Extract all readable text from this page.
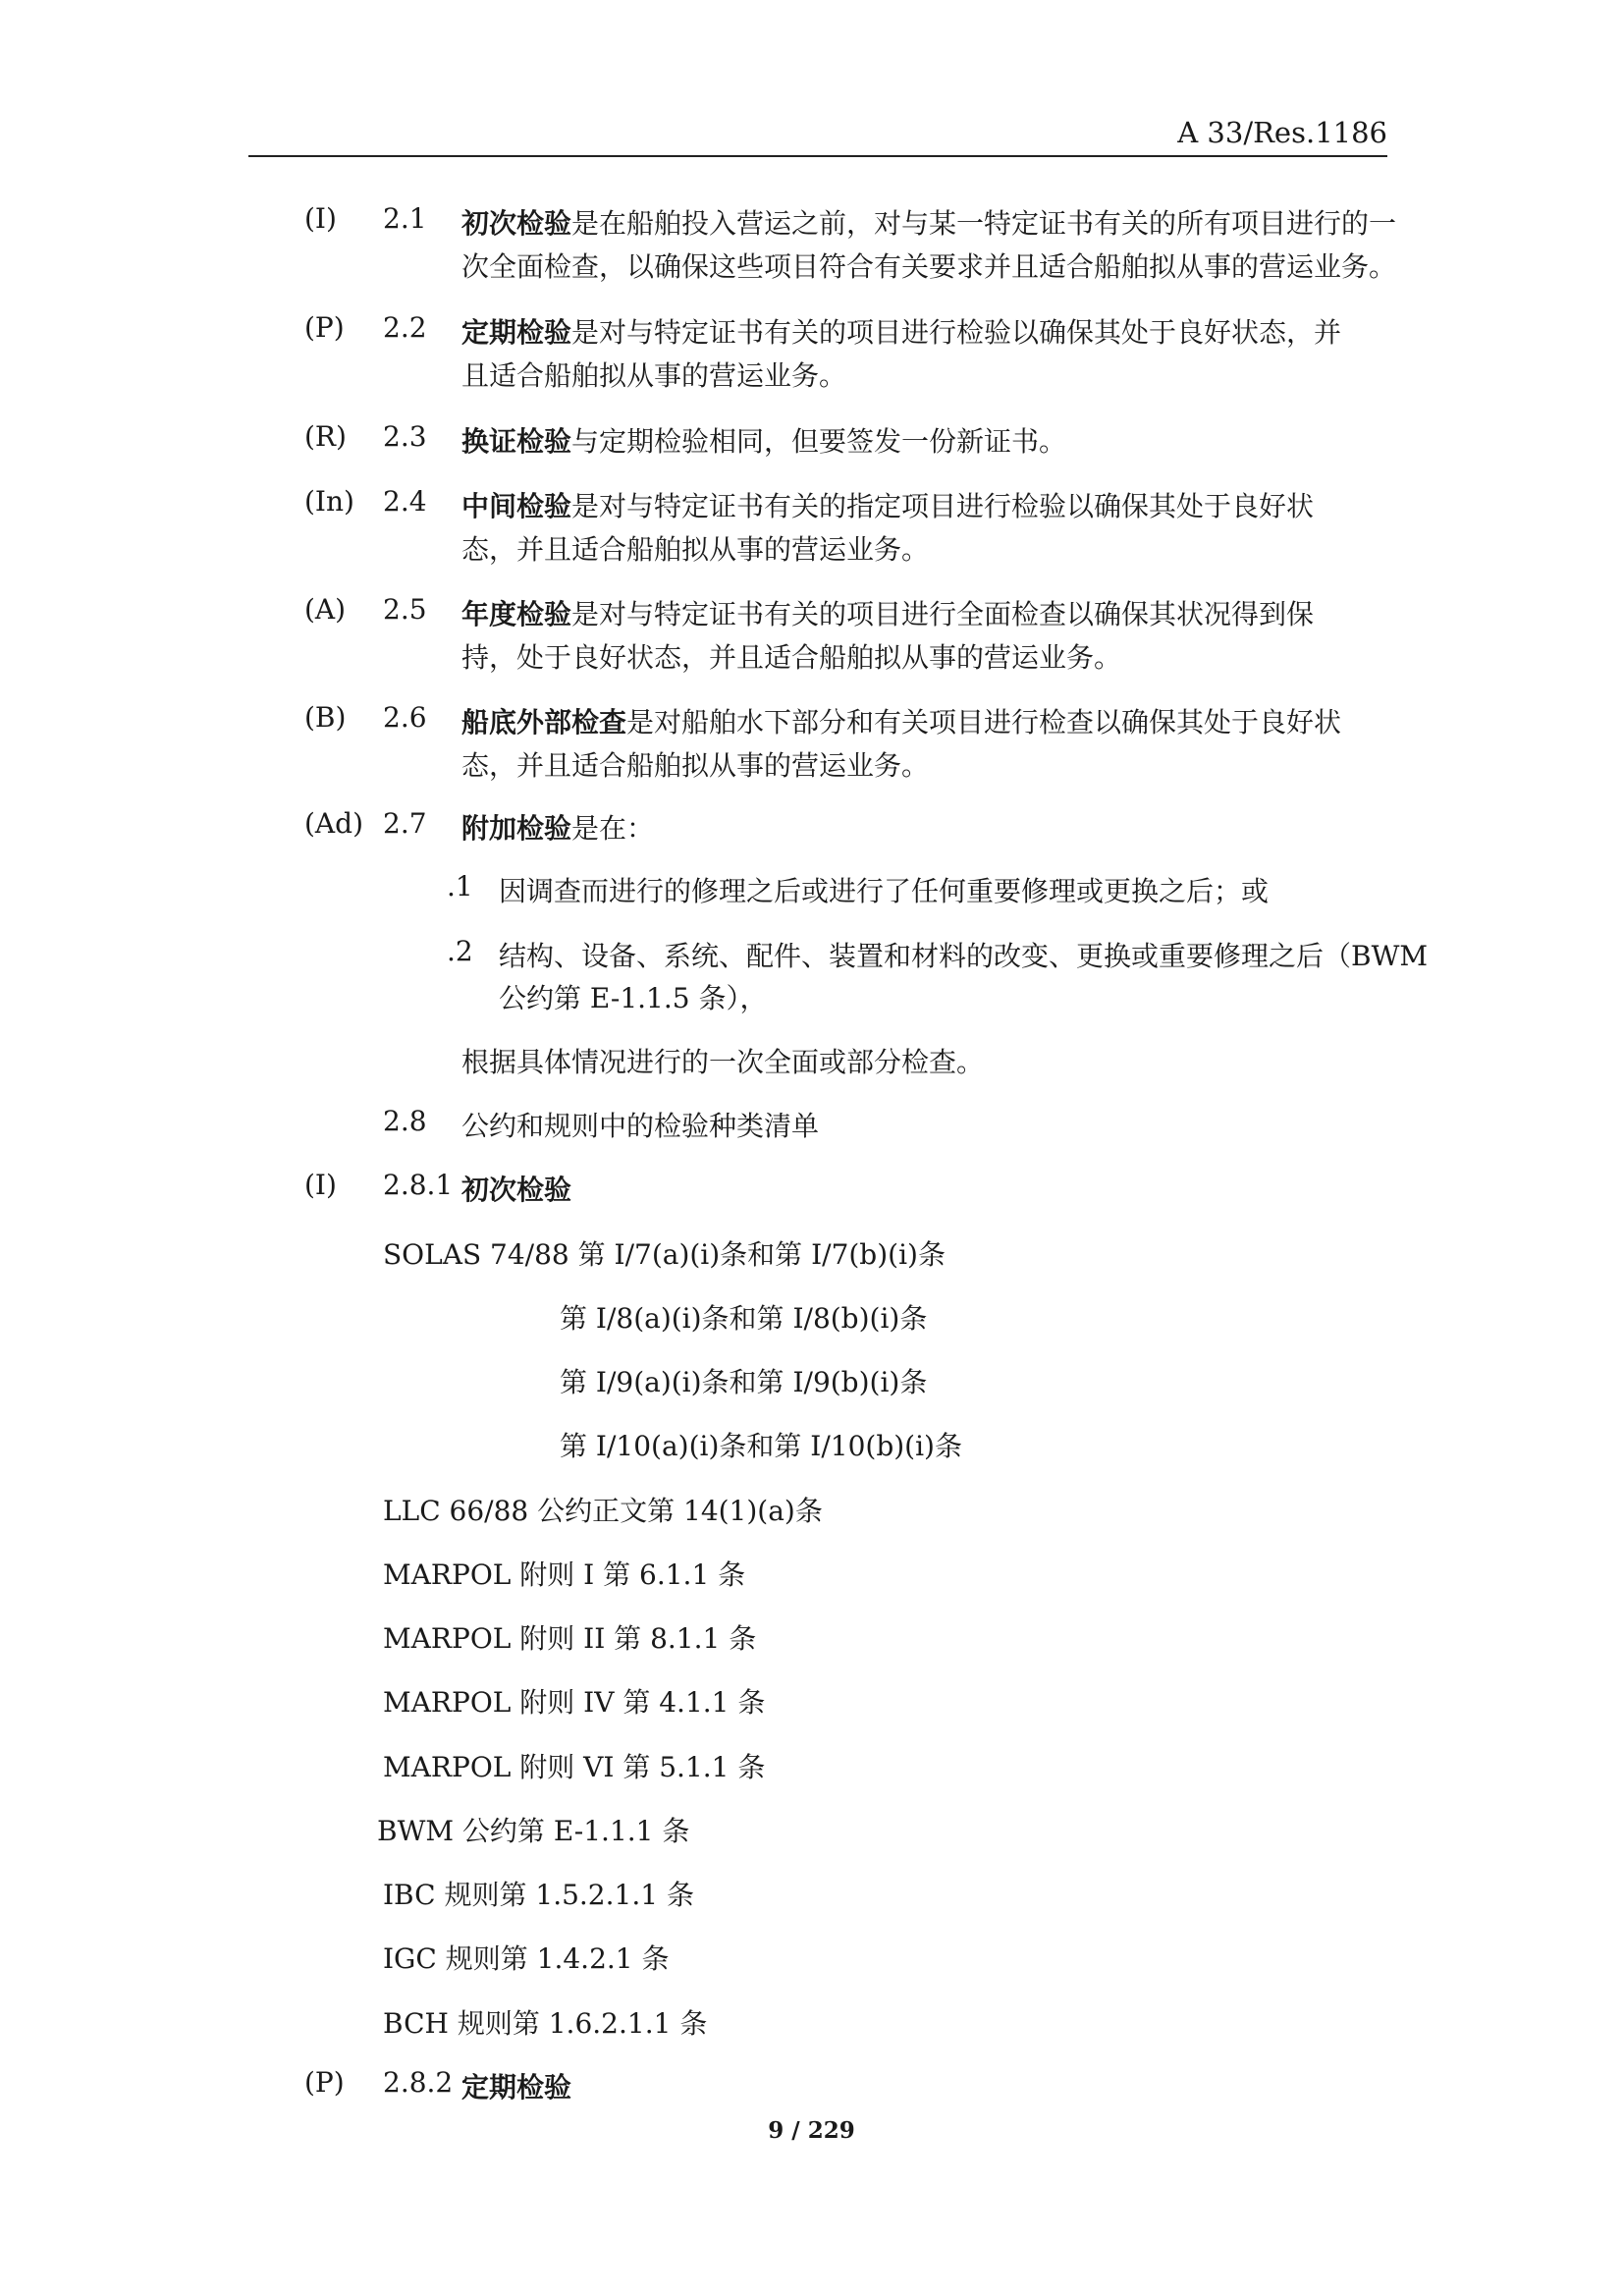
A 33/Res.1186
(I) 2.1 初次检验是在船舶投入营运之前，对与某一特定证书有关的所有项目进行的一
次全面检查，以确保这些项目符合有关要求并且适合船舶拟从事的营运业务。
(P) 2.2 定期检验是对与特定证书有关的项目进行检验以确保其处于良好状态，并
且适合船舶拟从事的营运业务。
(R) 2.3 换证检验与定期检验相同，但要签发一份新证书。
(In) 2.4 中间检验是对与特定证书有关的指定项目进行检验以确保其处于良好状
态，并且适合船舶拟从事的营运业务。
(A) 2.5 年度检验是对与特定证书有关的项目进行全面检查以确保其状况得到保
持，处于良好状态，并且适合船舶拟从事的营运业务。
(B) 2.6 船底外部检查是对船舶水下部分和有关项目进行检查以确保其处于良好状
态，并且适合船舶拟从事的营运业务。
(Ad) 2.7 附加检验是在：
.1 因调查而进行的修理之后或进行了任何重要修理或更换之后；或
.2 结构、设备、系统、配件、装置和材料的改变、更换或重要修理之后（BWM
公约第 E-1.1.5 条），
根据具体情况进行的一次全面或部分检查。
2.8 公约和规则中的检验种类清单
(I) 2.8.1 初次检验
SOLAS 74/88 第 I/7(a)(i)条和第 I/7(b)(i)条
第 I/8(a)(i)条和第 I/8(b)(i)条
第 I/9(a)(i)条和第 I/9(b)(i)条
第 I/10(a)(i)条和第 I/10(b)(i)条
LLC 66/88 公约正文第 14(1)(a)条
MARPOL 附则 I 第 6.1.1 条
MARPOL 附则 II 第 8.1.1 条
MARPOL 附则 IV 第 4.1.1 条
MARPOL 附则 VI 第 5.1.1 条
BWM 公约第 E-1.1.1 条
IBC 规则第 1.5.2.1.1 条
IGC 规则第 1.4.2.1 条
BCH 规则第 1.6.2.1.1 条
(P) 2.8.2 定期检验
9 / 229
